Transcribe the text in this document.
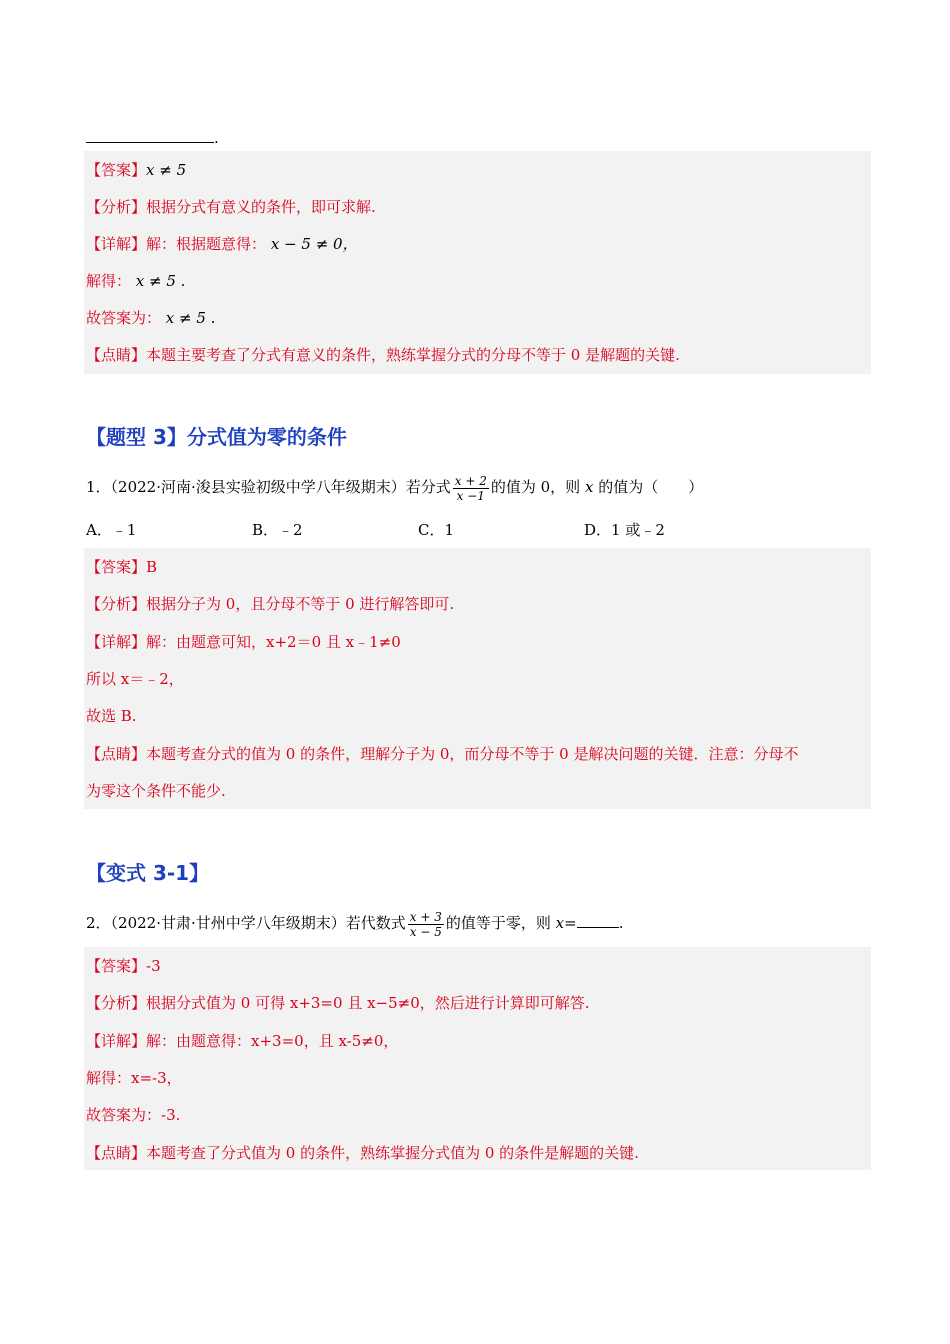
.
【答案】x ≠ 5
【分析】根据分式有意义的条件，即可求解.
【详解】解：根据题意得： x − 5 ≠ 0，
解得： x ≠ 5 .
故答案为： x ≠ 5 .
【点睛】本题主要考查了分式有意义的条件，熟练掌握分式的分母不等于 0 是解题的关键.
【题型 3】分式值为零的条件
1．（2022·河南·浚县实验初级中学八年级期末）若分式 $\frac{x + 2}{x -1}$ 的值为 0，则 x 的值为（　　）
A．﹣1	B．﹣2	C．1	D．1 或﹣2
【答案】B
【分析】根据分子为 0，且分母不等于 0 进行解答即可.
【详解】解：由题意可知，x+2＝0 且 x﹣1≠0
所以 x＝﹣2，
故选 B.
【点睛】本题考查分式的值为 0 的条件，理解分子为 0，而分母不等于 0 是解决问题的关键．注意：分母不
为零这个条件不能少.
【变式 3-1】
2．（2022·甘肃·甘州中学八年级期末）若代数式 $\frac{x + 3}{x - 5}$ 的值等于零，则 x=	.
【答案】-3
【分析】根据分式值为 0 可得 x+3=0 且 x−5≠0，然后进行计算即可解答.
【详解】解：由题意得：x+3=0，且 x-5≠0，
解得：x=-3，
故答案为：-3.
【点睛】本题考查了分式值为 0 的条件，熟练掌握分式值为 0 的条件是解题的关键.
